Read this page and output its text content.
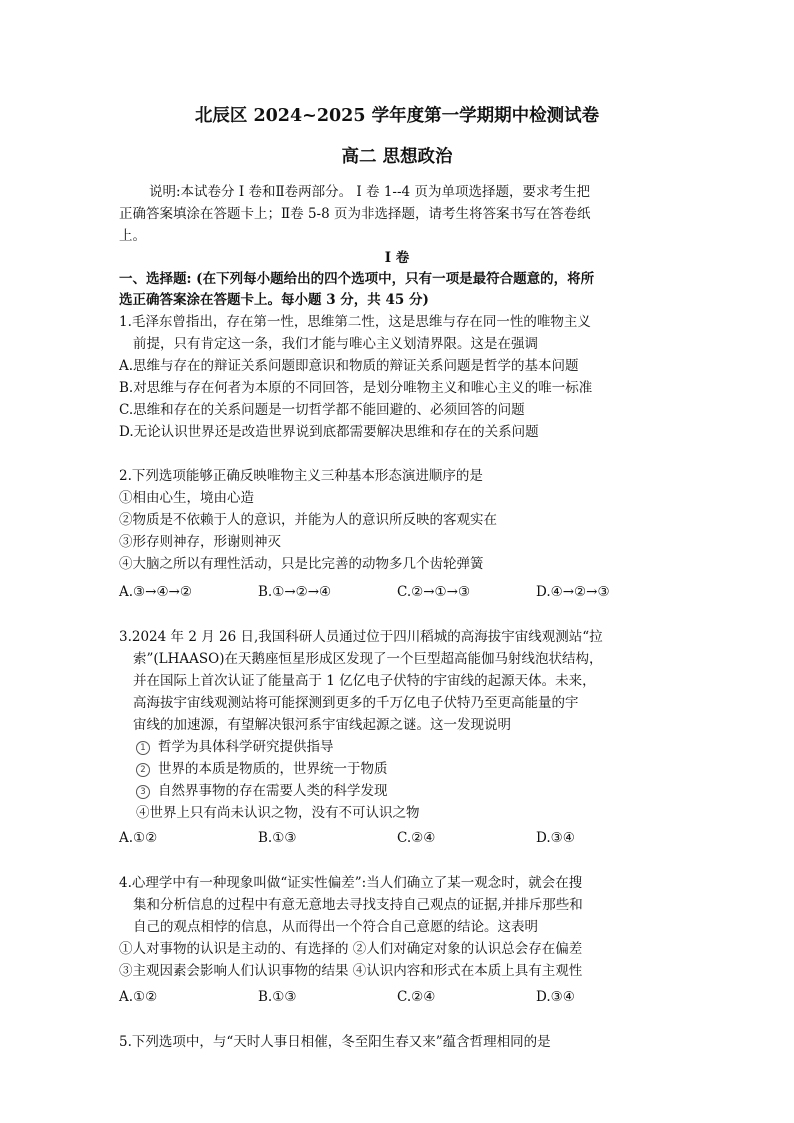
北辰区 2024~2025 学年度第一学期期中检测试卷
高二 思想政治
说明:本试卷分 I 卷和Ⅱ卷两部分。 I 卷 1--4 页为单项选择题，要求考生把
正确答案填涂在答题卡上；Ⅱ卷 5-8 页为非选择题，请考生将答案书写在答卷纸
上。
I 卷
一、选择题: (在下列每小题给出的四个选项中，只有一项是最符合题意的，将所
选正确答案涂在答题卡上。每小题 3 分，共 45 分)
1.毛泽东曾指出，存在第一性，思维第二性，这是思维与存在同一性的唯物主义
前提，只有肯定这一条，我们才能与唯心主义划清界限。这是在强调
A.思维与存在的辩证关系问题即意识和物质的辩证关系问题是哲学的基本问题
B.对思维与存在何者为本原的不同回答，是划分唯物主义和唯心主义的唯一标准
C.思维和存在的关系问题是一切哲学都不能回避的、必须回答的问题
D.无论认识世界还是改造世界说到底都需要解决思维和存在的关系问题
2.下列选项能够正确反映唯物主义三种基本形态演进顺序的是
①相由心生，境由心造
②物质是不依赖于人的意识，并能为人的意识所反映的客观实在
③形存则神存，形谢则神灭
④大脑之所以有理性活动，只是比完善的动物多几个齿轮弹簧
A.③→④→②	B.①→②→④	C.②→①→③	D.④→②→③
3.2024 年 2 月 26 日,我国科研人员通过位于四川稻城的高海拔宇宙线观测站“拉
索”(LHAASO)在天鹅座恒星形成区发现了一个巨型超高能伽马射线泡状结构，
并在国际上首次认证了能量高于 1 亿亿电子伏特的宇宙线的起源天体。未来，
高海拔宇宙线观测站将可能探测到更多的千万亿电子伏特乃至更高能量的宇
宙线的加速源，有望解决银河系宇宙线起源之谜。这一发现说明
1 哲学为具体科学研究提供指导
2 世界的本质是物质的，世界统一于物质
3 自然界事物的存在需要人类的科学发现
④世界上只有尚未认识之物，没有不可认识之物
A.①②	B.①③	C.②④	D.③④
4.心理学中有一种现象叫做“证实性偏差”:当人们确立了某一观念时，就会在搜
集和分析信息的过程中有意无意地去寻找支持自己观点的证据,并排斥那些和
自己的观点相悖的信息，从而得出一个符合自己意愿的结论。这表明
①人对事物的认识是主动的、有选择的 ②人们对确定对象的认识总会存在偏差
③主观因素会影响人们认识事物的结果 ④认识内容和形式在本质上具有主观性
A.①②	B.①③	C.②④	D.③④
5.下列选项中，与“天时人事日相催，冬至阳生春又来”蕴含哲理相同的是
